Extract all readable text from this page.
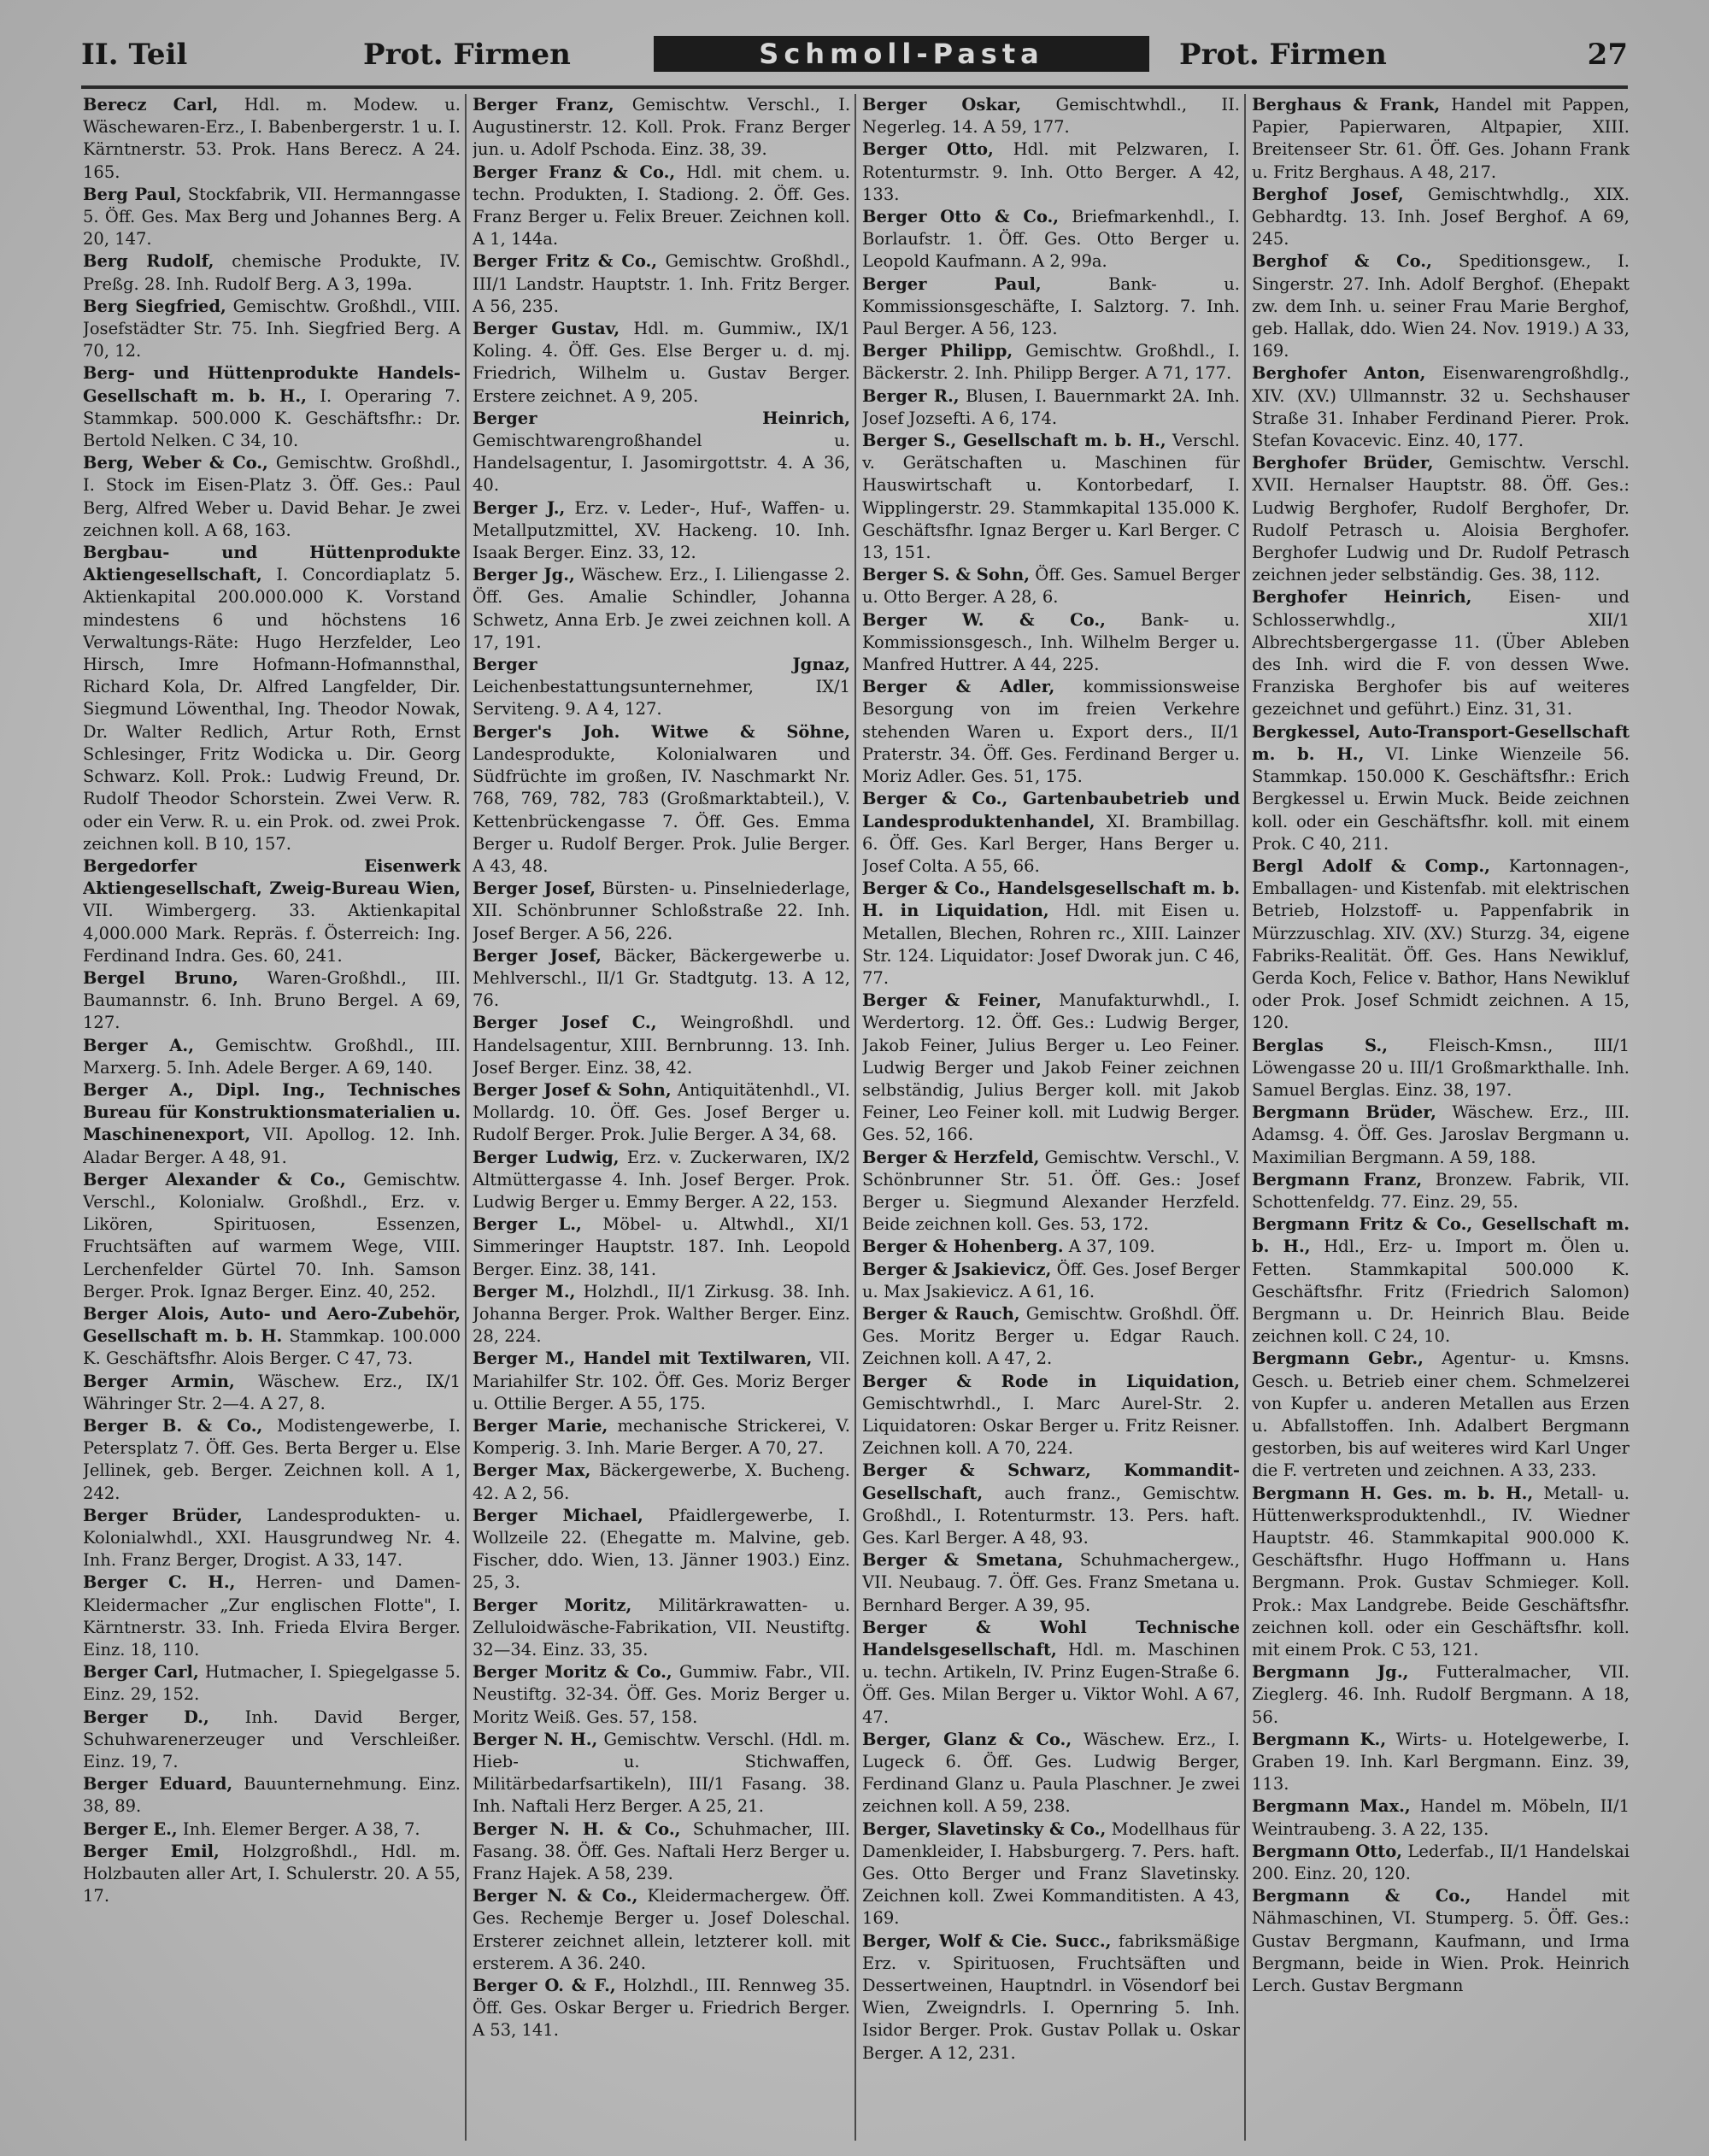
II. Teil	Prot. Firmen	Schmoll-Pasta	Prot. Firmen	27

Berecz Carl, Hdl. m. Modew. u. Wäschewaren-Erz., I. Babenbergerstr. 1 u. I. Kärntnerstr. 53. Prok. Hans Berecz. A 24. 165.

Berg Paul, Stockfabrik, VII. Hermanngasse 5. Öff. Ges. Max Berg und Johannes Berg. A 20, 147.

Berg Rudolf, chemische Produkte, IV. Preßg. 28. Inh. Rudolf Berg. A 3, 199a.

Berg Siegfried, Gemischtw. Großhdl., VIII. Josefstädter Str. 75. Inh. Siegfried Berg. A 70, 12.

Berg- und Hüttenprodukte Handels-Gesellschaft m. b. H., I. Operaring 7. Stammkap. 500.000 K. Geschäftsfhr.: Dr. Bertold Nelken. C 34, 10.

Berg, Weber & Co., Gemischtw. Großhdl., I. Stock im Eisen-Platz 3. Öff. Ges.: Paul Berg, Alfred Weber u. David Behar. Je zwei zeichnen koll. A 68, 163.

Bergbau- und Hüttenprodukte Aktiengesellschaft, I. Concordiaplatz 5. Aktienkapital 200.000.000 K. Vorstand mindestens 6 und höchstens 16 Verwaltungs-Räte: Hugo Herzfelder, Leo Hirsch, Imre Hofmann-Hofmannsthal, Richard Kola, Dr. Alfred Langfelder, Dir. Siegmund Löwenthal, Ing. Theodor Nowak, Dr. Walter Redlich, Artur Roth, Ernst Schlesinger, Fritz Wodicka u. Dir. Georg Schwarz. Koll. Prok.: Ludwig Freund, Dr. Rudolf Theodor Schorstein. Zwei Verw. R. oder ein Verw. R. u. ein Prok. od. zwei Prok. zeichnen koll. B 10, 157.

Bergedorfer Eisenwerk Aktiengesellschaft, Zweig-Bureau Wien, VII. Wimbergerg. 33. Aktienkapital 4,000.000 Mark. Repräs. f. Österreich: Ing. Ferdinand Indra. Ges. 60, 241.

Bergel Bruno, Waren-Großhdl., III. Baumannstr. 6. Inh. Bruno Bergel. A 69, 127.

Berger A., Gemischtw. Großhdl., III. Marxerg. 5. Inh. Adele Berger. A 69, 140.

Berger A., Dipl. Ing., Technisches Bureau für Konstruktionsmaterialien u. Maschinenexport, VII. Apollog. 12. Inh. Aladar Berger. A 48, 91.

Berger Alexander & Co., Gemischtw. Verschl., Kolonialw. Großhdl., Erz. v. Likören, Spirituosen, Essenzen, Fruchtsäften auf warmem Wege, VIII. Lerchenfelder Gürtel 70. Inh. Samson Berger. Prok. Ignaz Berger. Einz. 40, 252.

Berger Alois, Auto- und Aero-Zubehör, Gesellschaft m. b. H. Stammkap. 100.000 K. Geschäftsfhr. Alois Berger. C 47, 73.

Berger Armin, Wäschew. Erz., IX/1 Währinger Str. 2—4. A 27, 8.

Berger B. & Co., Modistengewerbe, I. Petersplatz 7. Öff. Ges. Berta Berger u. Else Jellinek, geb. Berger. Zeichnen koll. A 1, 242.

Berger Brüder, Landesprodukten- u. Kolonialwhdl., XXI. Hausgrundweg Nr. 4. Inh. Franz Berger, Drogist. A 33, 147.

Berger C. H., Herren- und Damen-Kleidermacher „Zur englischen Flotte", I. Kärntnerstr. 33. Inh. Frieda Elvira Berger. Einz. 18, 110.

Berger Carl, Hutmacher, I. Spiegelgasse 5. Einz. 29, 152.

Berger D., Inh. David Berger, Schuhwarenerzeuger und Verschleißer. Einz. 19, 7.

Berger Eduard, Bauunternehmung. Einz. 38, 89.

Berger E., Inh. Elemer Berger. A 38, 7.

Berger Emil, Holzgroßhdl., Hdl. m. Holzbauten aller Art, I. Schulerstr. 20. A 55, 17.

Berger Franz, Gemischtw. Verschl., I. Augustinerstr. 12. Koll. Prok. Franz Berger jun. u. Adolf Pschoda. Einz. 38, 39.

Berger Franz & Co., Hdl. mit chem. u. techn. Produkten, I. Stadiong. 2. Öff. Ges. Franz Berger u. Felix Breuer. Zeichnen koll. A 1, 144a.

Berger Fritz & Co., Gemischtw. Großhdl., III/1 Landstr. Hauptstr. 1. Inh. Fritz Berger. A 56, 235.

Berger Gustav, Hdl. m. Gummiw., IX/1 Koling. 4. Öff. Ges. Else Berger u. d. mj. Friedrich, Wilhelm u. Gustav Berger. Erstere zeichnet. A 9, 205.

Berger Heinrich, Gemischtwarengroßhandel u. Handelsagentur, I. Jasomirgottstr. 4. A 36, 40.

Berger J., Erz. v. Leder-, Huf-, Waffen- u. Metallputzmittel, XV. Hackeng. 10. Inh. Isaak Berger. Einz. 33, 12.

Berger Jg., Wäschew. Erz., I. Liliengasse 2. Öff. Ges. Amalie Schindler, Johanna Schwetz, Anna Erb. Je zwei zeichnen koll. A 17, 191.

Berger Jgnaz, Leichenbestattungsunternehmer, IX/1 Serviteng. 9. A 4, 127.

Berger's Joh. Witwe & Söhne, Landesprodukte, Kolonialwaren und Südfrüchte im großen, IV. Naschmarkt Nr. 768, 769, 782, 783 (Großmarktabteil.), V. Kettenbrückengasse 7. Öff. Ges. Emma Berger u. Rudolf Berger. Prok. Julie Berger. A 43, 48.

Berger Josef, Bürsten- u. Pinselniederlage, XII. Schönbrunner Schloßstraße 22. Inh. Josef Berger. A 56, 226.

Berger Josef, Bäcker, Bäckergewerbe u. Mehlverschl., II/1 Gr. Stadtgutg. 13. A 12, 76.

Berger Josef C., Weingroßhdl. und Handelsagentur, XIII. Bernbrunng. 13. Inh. Josef Berger. Einz. 38, 42.

Berger Josef & Sohn, Antiquitätenhdl., VI. Mollardg. 10. Öff. Ges. Josef Berger u. Rudolf Berger. Prok. Julie Berger. A 34, 68.

Berger Ludwig, Erz. v. Zuckerwaren, IX/2 Altmüttergasse 4. Inh. Josef Berger. Prok. Ludwig Berger u. Emmy Berger. A 22, 153.

Berger L., Möbel- u. Altwhdl., XI/1 Simmeringer Hauptstr. 187. Inh. Leopold Berger. Einz. 38, 141.

Berger M., Holzhdl., II/1 Zirkusg. 38. Inh. Johanna Berger. Prok. Walther Berger. Einz. 28, 224.

Berger M., Handel mit Textilwaren, VII. Mariahilfer Str. 102. Öff. Ges. Moriz Berger u. Ottilie Berger. A 55, 175.

Berger Marie, mechanische Strickerei, V. Komperig. 3. Inh. Marie Berger. A 70, 27.

Berger Max, Bäckergewerbe, X. Bucheng. 42. A 2, 56.

Berger Michael, Pfaidlergewerbe, I. Wollzeile 22. (Ehegatte m. Malvine, geb. Fischer, ddo. Wien, 13. Jänner 1903.) Einz. 25, 3.

Berger Moritz, Militärkrawatten- u. Zelluloidwäsche-Fabrikation, VII. Neustiftg. 32—34. Einz. 33, 35.

Berger Moritz & Co., Gummiw. Fabr., VII. Neustiftg. 32-34. Öff. Ges. Moriz Berger u. Moritz Weiß. Ges. 57, 158.

Berger N. H., Gemischtw. Verschl. (Hdl. m. Hieb- u. Stichwaffen, Militärbedarfsartikeln), III/1 Fasang. 38. Inh. Naftali Herz Berger. A 25, 21.

Berger N. H. & Co., Schuhmacher, III. Fasang. 38. Öff. Ges. Naftali Herz Berger u. Franz Hajek. A 58, 239.

Berger N. & Co., Kleidermachergew. Öff. Ges. Rechemje Berger u. Josef Doleschal. Ersterer zeichnet allein, letzterer koll. mit ersterem. A 36. 240.

Berger O. & F., Holzhdl., III. Rennweg 35. Öff. Ges. Oskar Berger u. Friedrich Berger. A 53, 141.

Berger Oskar, Gemischtwhdl., II. Negerleg. 14. A 59, 177.

Berger Otto, Hdl. mit Pelzwaren, I. Rotenturmstr. 9. Inh. Otto Berger. A 42, 133.

Berger Otto & Co., Briefmarkenhdl., I. Borlaufstr. 1. Öff. Ges. Otto Berger u. Leopold Kaufmann. A 2, 99a.

Berger Paul, Bank- u. Kommissionsgeschäfte, I. Salztorg. 7. Inh. Paul Berger. A 56, 123.

Berger Philipp, Gemischtw. Großhdl., I. Bäckerstr. 2. Inh. Philipp Berger. A 71, 177.

Berger R., Blusen, I. Bauernmarkt 2A. Inh. Josef Jozsefti. A 6, 174.

Berger S., Gesellschaft m. b. H., Verschl. v. Gerätschaften u. Maschinen für Hauswirtschaft u. Kontorbedarf, I. Wipplingerstr. 29. Stammkapital 135.000 K. Geschäftsfhr. Ignaz Berger u. Karl Berger. C 13, 151.

Berger S. & Sohn, Öff. Ges. Samuel Berger u. Otto Berger. A 28, 6.

Berger W. & Co., Bank- u. Kommissionsgesch., Inh. Wilhelm Berger u. Manfred Huttrer. A 44, 225.

Berger & Adler, kommissionsweise Besorgung von im freien Verkehre stehenden Waren u. Export ders., II/1 Praterstr. 34. Öff. Ges. Ferdinand Berger u. Moriz Adler. Ges. 51, 175.

Berger & Co., Gartenbaubetrieb und Landesproduktenhandel, XI. Brambillag. 6. Öff. Ges. Karl Berger, Hans Berger u. Josef Colta. A 55, 66.

Berger & Co., Handelsgesellschaft m. b. H. in Liquidation, Hdl. mit Eisen u. Metallen, Blechen, Rohren rc., XIII. Lainzer Str. 124. Liquidator: Josef Dworak jun. C 46, 77.

Berger & Feiner, Manufakturwhdl., I. Werdertorg. 12. Öff. Ges.: Ludwig Berger, Jakob Feiner, Julius Berger u. Leo Feiner. Ludwig Berger und Jakob Feiner zeichnen selbständig, Julius Berger koll. mit Jakob Feiner, Leo Feiner koll. mit Ludwig Berger. Ges. 52, 166.

Berger & Herzfeld, Gemischtw. Verschl., V. Schönbrunner Str. 51. Öff. Ges.: Josef Berger u. Siegmund Alexander Herzfeld. Beide zeichnen koll. Ges. 53, 172.

Berger & Hohenberg. A 37, 109.

Berger & Jsakievicz, Öff. Ges. Josef Berger u. Max Jsakievicz. A 61, 16.

Berger & Rauch, Gemischtw. Großhdl. Öff. Ges. Moritz Berger u. Edgar Rauch. Zeichnen koll. A 47, 2.

Berger & Rode in Liquidation, Gemischtwrhdl., I. Marc Aurel-Str. 2. Liquidatoren: Oskar Berger u. Fritz Reisner. Zeichnen koll. A 70, 224.

Berger & Schwarz, Kommandit-Gesellschaft, auch franz., Gemischtw. Großhdl., I. Rotenturmstr. 13. Pers. haft. Ges. Karl Berger. A 48, 93.

Berger & Smetana, Schuhmachergew., VII. Neubaug. 7. Öff. Ges. Franz Smetana u. Bernhard Berger. A 39, 95.

Berger & Wohl Technische Handelsgesellschaft, Hdl. m. Maschinen u. techn. Artikeln, IV. Prinz Eugen-Straße 6. Öff. Ges. Milan Berger u. Viktor Wohl. A 67, 47.

Berger, Glanz & Co., Wäschew. Erz., I. Lugeck 6. Öff. Ges. Ludwig Berger, Ferdinand Glanz u. Paula Plaschner. Je zwei zeichnen koll. A 59, 238.

Berger, Slavetinsky & Co., Modellhaus für Damenkleider, I. Habsburgerg. 7. Pers. haft. Ges. Otto Berger und Franz Slavetinsky. Zeichnen koll. Zwei Kommanditisten. A 43, 169.

Berger, Wolf & Cie. Succ., fabriksmäßige Erz. v. Spirituosen, Fruchtsäften und Dessertweinen, Hauptndrl. in Vösendorf bei Wien, Zweigndrls. I. Opernring 5. Inh. Isidor Berger. Prok. Gustav Pollak u. Oskar Berger. A 12, 231.

Berghaus & Frank, Handel mit Pappen, Papier, Papierwaren, Altpapier, XIII. Breitenseer Str. 61. Öff. Ges. Johann Frank u. Fritz Berghaus. A 48, 217.

Berghof Josef, Gemischtwhdlg., XIX. Gebhardtg. 13. Inh. Josef Berghof. A 69, 245.

Berghof & Co., Speditionsgew., I. Singerstr. 27. Inh. Adolf Berghof. (Ehepakt zw. dem Inh. u. seiner Frau Marie Berghof, geb. Hallak, ddo. Wien 24. Nov. 1919.) A 33, 169.

Berghofer Anton, Eisenwarengroßhdlg., XIV. (XV.) Ullmannstr. 32 u. Sechshauser Straße 31. Inhaber Ferdinand Pierer. Prok. Stefan Kovacevic. Einz. 40, 177.

Berghofer Brüder, Gemischtw. Verschl. XVII. Hernalser Hauptstr. 88. Öff. Ges.: Ludwig Berghofer, Rudolf Berghofer, Dr. Rudolf Petrasch u. Aloisia Berghofer. Berghofer Ludwig und Dr. Rudolf Petrasch zeichnen jeder selbständig. Ges. 38, 112.

Berghofer Heinrich, Eisen- und Schlosserwhdlg., XII/1 Albrechtsbergergasse 11. (Über Ableben des Inh. wird die F. von dessen Wwe. Franziska Berghofer bis auf weiteres gezeichnet und geführt.) Einz. 31, 31.

Bergkessel, Auto-Transport-Gesellschaft m. b. H., VI. Linke Wienzeile 56. Stammkap. 150.000 K. Geschäftsfhr.: Erich Bergkessel u. Erwin Muck. Beide zeichnen koll. oder ein Geschäftsfhr. koll. mit einem Prok. C 40, 211.

Bergl Adolf & Comp., Kartonnagen-, Emballagen- und Kistenfab. mit elektrischen Betrieb, Holzstoff- u. Pappenfabrik in Mürzzuschlag. XIV. (XV.) Sturzg. 34, eigene Fabriks-Realität. Öff. Ges. Hans Newikluf, Gerda Koch, Felice v. Bathor, Hans Newikluf oder Prok. Josef Schmidt zeichnen. A 15, 120.

Berglas S., Fleisch-Kmsn., III/1 Löwengasse 20 u. III/1 Großmarkthalle. Inh. Samuel Berglas. Einz. 38, 197.

Bergmann Brüder, Wäschew. Erz., III. Adamsg. 4. Öff. Ges. Jaroslav Bergmann u. Maximilian Bergmann. A 59, 188.

Bergmann Franz, Bronzew. Fabrik, VII. Schottenfeldg. 77. Einz. 29, 55.

Bergmann Fritz & Co., Gesellschaft m. b. H., Hdl., Erz- u. Import m. Ölen u. Fetten. Stammkapital 500.000 K. Geschäftsfhr. Fritz (Friedrich Salomon) Bergmann u. Dr. Heinrich Blau. Beide zeichnen koll. C 24, 10.

Bergmann Gebr., Agentur- u. Kmsns. Gesch. u. Betrieb einer chem. Schmelzerei von Kupfer u. anderen Metallen aus Erzen u. Abfallstoffen. Inh. Adalbert Bergmann gestorben, bis auf weiteres wird Karl Unger die F. vertreten und zeichnen. A 33, 233.

Bergmann H. Ges. m. b. H., Metall- u. Hüttenwerksproduktenhdl., IV. Wiedner Hauptstr. 46. Stammkapital 900.000 K. Geschäftsfhr. Hugo Hoffmann u. Hans Bergmann. Prok. Gustav Schmieger. Koll. Prok.: Max Landgrebe. Beide Geschäftsfhr. zeichnen koll. oder ein Geschäftsfhr. koll. mit einem Prok. C 53, 121.

Bergmann Jg., Futteralmacher, VII. Zieglerg. 46. Inh. Rudolf Bergmann. A 18, 56.

Bergmann K., Wirts- u. Hotelgewerbe, I. Graben 19. Inh. Karl Bergmann. Einz. 39, 113.

Bergmann Max., Handel m. Möbeln, II/1 Weintraubeng. 3. A 22, 135.

Bergmann Otto, Lederfab., II/1 Handelskai 200. Einz. 20, 120.

Bergmann & Co., Handel mit Nähmaschinen, VI. Stumperg. 5. Öff. Ges.: Gustav Bergmann, Kaufmann, und Irma Bergmann, beide in Wien. Prok. Heinrich Lerch. Gustav Bergmann
